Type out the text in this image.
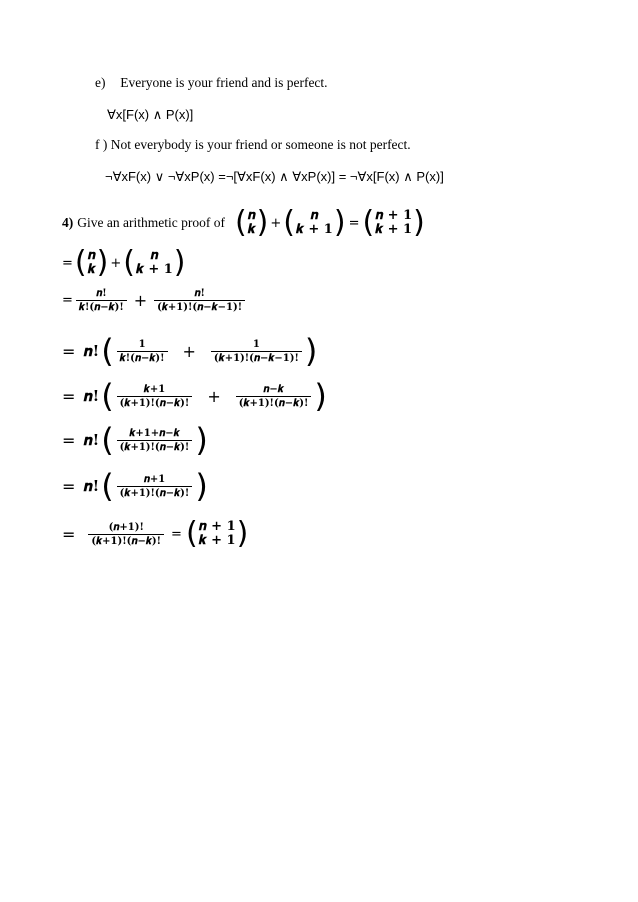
e) Everyone is your friend and is perfect.
∀x[F(x) ∧ P(x)]
f ) Not everybody is your friend or someone is not perfect.
¬∀xF(x) ∨ ¬∀xP(x) =¬[∀xF(x) ∧ ∀xP(x)] = ¬∀x[F(x) ∧ P(x)]
4) Give an arithmetic proof of ( 𝒏
𝒌 ) + ( 𝒏
𝒌 + 𝟏 ) = ( 𝒏 + 𝟏
𝒌 + 𝟏 )
= ( 𝒏
𝒌 ) + ( 𝒏
𝒌 + 𝟏 )
= $\frac{\text{𝒏!}}{\text{𝒌!(𝒏−𝒌)!}} + \frac{\text{𝒏!}}{\text{(𝒌+𝟏)!(𝒏−𝒌−𝟏)!}}$
= 𝒏! ( $\frac{𝟏}{\text{𝒌!(𝒏−𝒌)!}} + \frac{𝟏}{\text{(𝒌+𝟏)!(𝒏−𝒌−𝟏)!}}$ )
= 𝒏! ( $\frac{\text{𝒌+𝟏}}{\text{(𝒌+𝟏)!(𝒏−𝒌)!}} + \frac{\text{𝒏−𝒌}}{\text{(𝒌+𝟏)!(𝒏−𝒌)!}}$ )
= 𝒏! ( $\frac{\text{𝒌+𝟏+𝒏−𝒌}}{\text{(𝒌+𝟏)!(𝒏−𝒌)!}}$ )
= 𝒏! ( $\frac{\text{𝒏+𝟏}}{\text{(𝒌+𝟏)!(𝒏−𝒌)!}}$ )
= $\frac{\text{(𝒏+𝟏)!}}{\text{(𝒌+𝟏)!(𝒏−𝒌)!}}$ = ( 𝒏 + 𝟏
𝒌 + 𝟏 )
